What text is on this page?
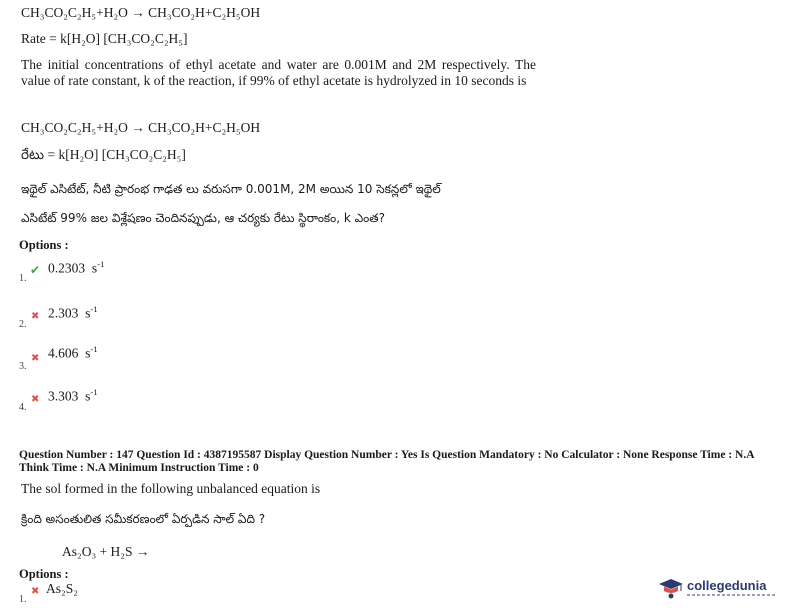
CH₃CO₂C₂H₅+H₂O → CH₃CO₂H+C₂H₅OH
Rate = k[H₂O] [CH₃CO₂C₂H₅]
The initial concentrations of ethyl acetate and water are 0.001M and 2M respectively. The value of rate constant, k of the reaction, if 99% of ethyl acetate is hydrolyzed in 10 seconds is
CH₃CO₂C₂H₅+H₂O → CH₃CO₂H+C₂H₅OH
రేటు = k[H₂O] [CH₃CO₂C₂H₅]
ఇథైల్ ఎసిటేట్, నీటి ప్రారంభ గాఢత లు వరుసగా 0.001M, 2M అయిన 10 సెకన్లలో ఇథైల్
ఎసిటేట్ 99% జల విశ్లేషణం చెందినప్పుడు, ఆ చర్యకు రేటు స్థిరాంకం, k ఎంత?
Options :
1.
✔ 0.2303 $s^{-1}$
2.
✖ 2.303 $s^{-1}$
3.
✖ 4.606 $s^{-1}$
4.
✖ 3.303 $s^{-1}$
Question Number : 147 Question Id : 4387195587 Display Question Number : Yes Is Question Mandatory : No Calculator : None Response Time : N.A Think Time : N.A Minimum Instruction Time : 0
The sol formed in the following unbalanced equation is
క్రింది అసంతులిత సమీకరణంలో ఏర్పడిన సాల్ ఏది ?
As₂O₃ + H₂S →
Options :
1.
✖ As₂S₂	collegedunia
